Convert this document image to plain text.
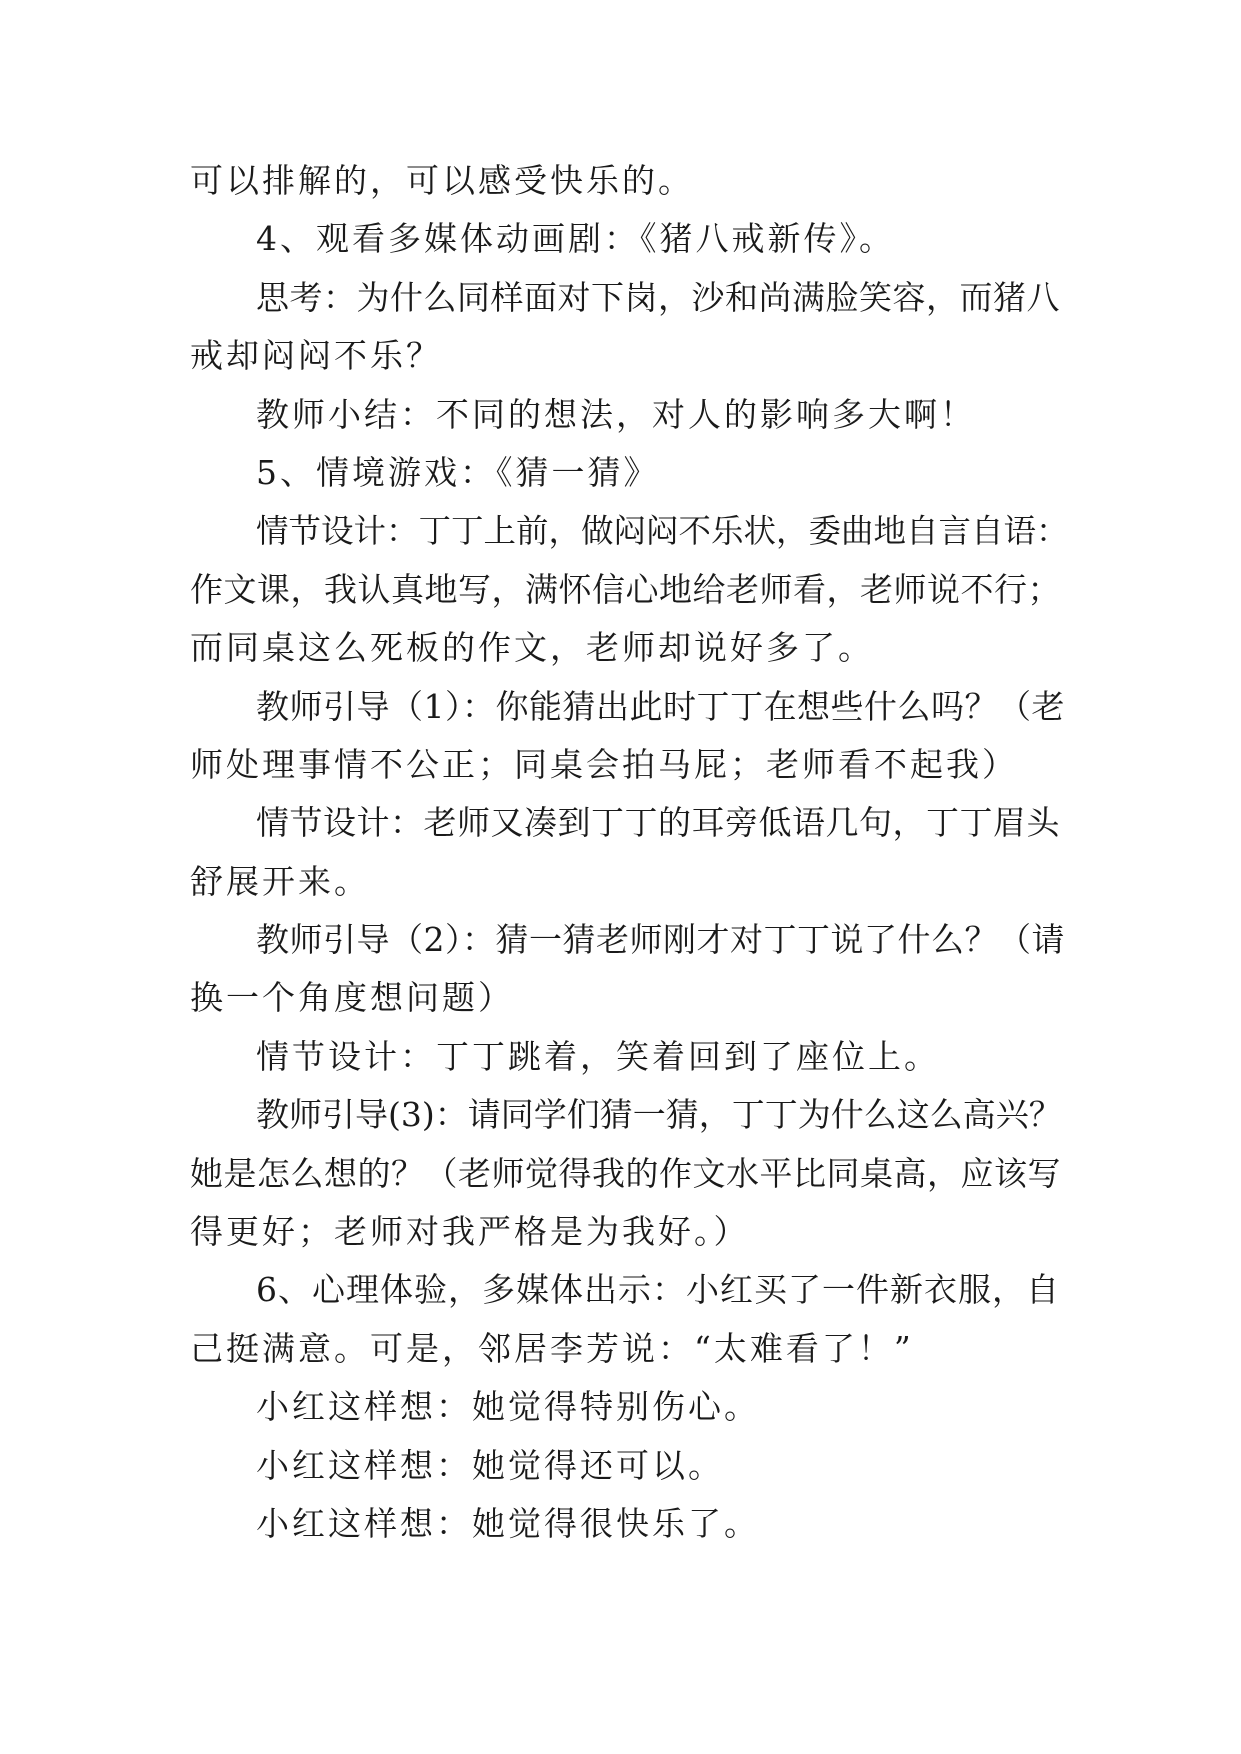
可以排解的，可以感受快乐的。
4、观看多媒体动画剧：《猪八戒新传》。
思考：为什么同样面对下岗，沙和尚满脸笑容，而猪八
戒却闷闷不乐？
教师小结：不同的想法，对人的影响多大啊！
5、情境游戏：《猜一猜》
情节设计：丁丁上前，做闷闷不乐状，委曲地自言自语：
作文课，我认真地写，满怀信心地给老师看，老师说不行；
而同桌这么死板的作文，老师却说好多了。
教师引导（1）：你能猜出此时丁丁在想些什么吗？（老
师处理事情不公正；同桌会拍马屁；老师看不起我）
情节设计：老师又凑到丁丁的耳旁低语几句，丁丁眉头
舒展开来。
教师引导（2）：猜一猜老师刚才对丁丁说了什么？（请
换一个角度想问题）
情节设计：丁丁跳着，笑着回到了座位上。
教师引导(3)：请同学们猜一猜，丁丁为什么这么高兴？
她是怎么想的？（老师觉得我的作文水平比同桌高，应该写
得更好；老师对我严格是为我好。）
6、心理体验，多媒体出示：小红买了一件新衣服，自
己挺满意。可是，邻居李芳说：“太难看了！”
小红这样想：她觉得特别伤心。
小红这样想：她觉得还可以。
小红这样想：她觉得很快乐了。
